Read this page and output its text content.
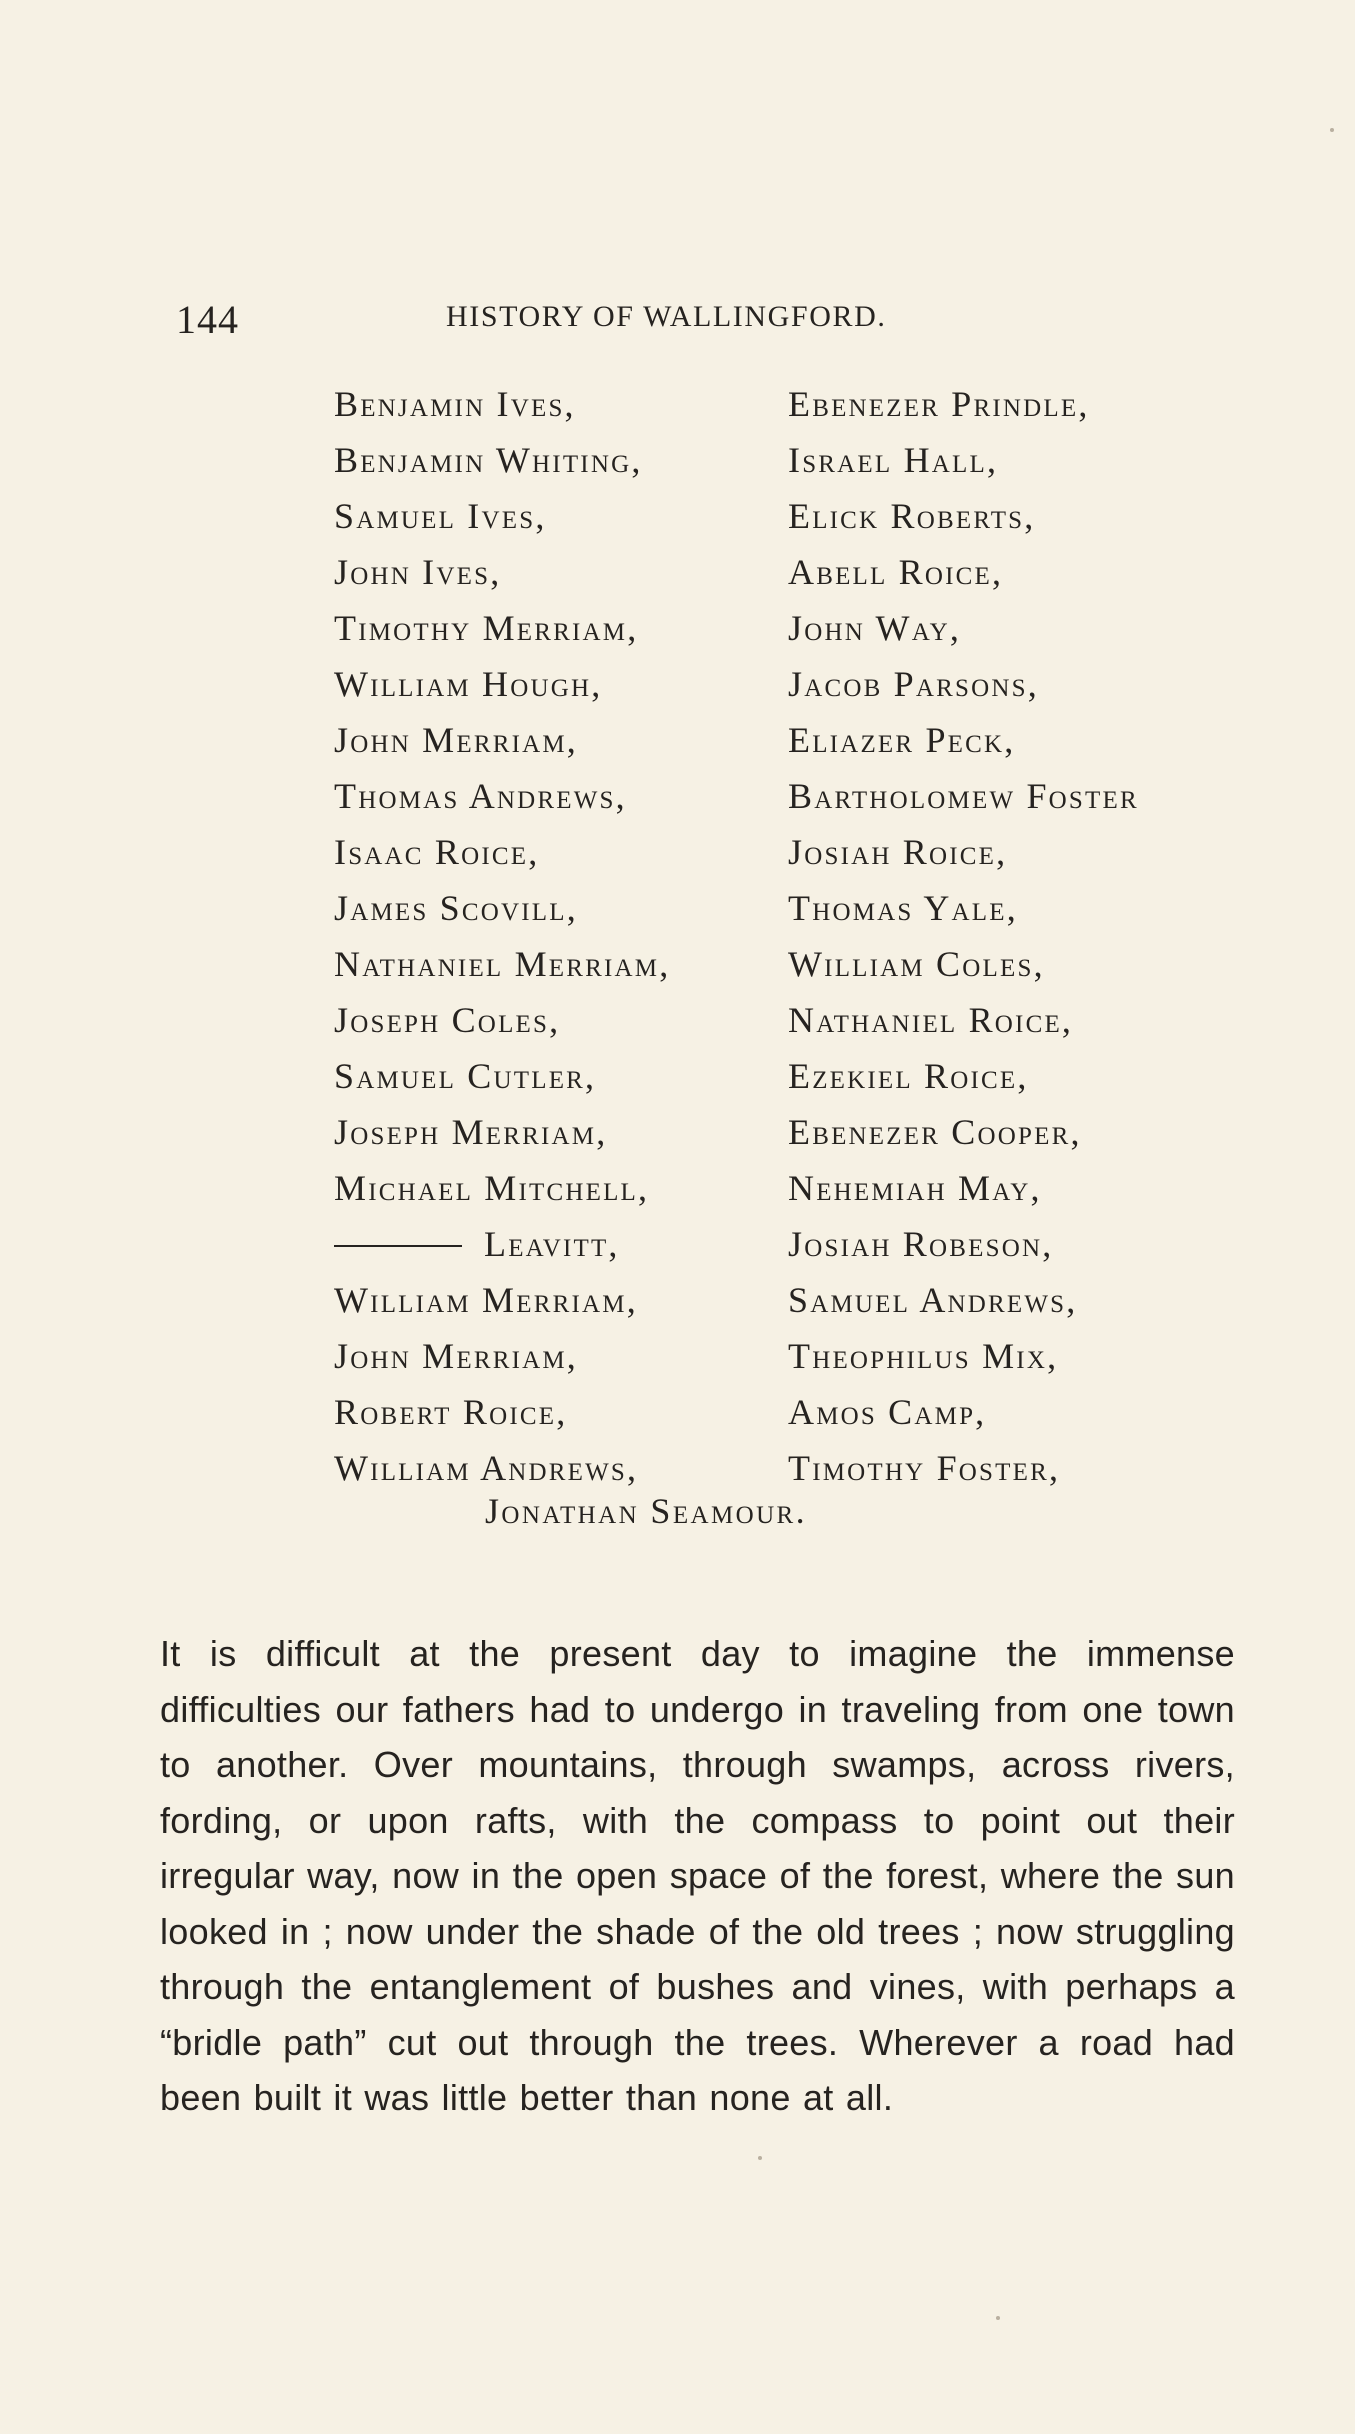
144	HISTORY OF WALLINGFORD.
Benjamin Ives,
Benjamin Whiting,
Samuel Ives,
John Ives,
Timothy Merriam,
William Hough,
John Merriam,
Thomas Andrews,
Isaac Roice,
James Scovill,
Nathaniel Merriam,
Joseph Coles,
Samuel Cutler,
Joseph Merriam,
Michael Mitchell,
Leavitt,
William Merriam,
John Merriam,
Robert Roice,
William Andrews,
Ebenezer Prindle,
Israel Hall,
Elick Roberts,
Abell Roice,
John Way,
Jacob Parsons,
Eliazer Peck,
Bartholomew Foster
Josiah Roice,
Thomas Yale,
William Coles,
Nathaniel Roice,
Ezekiel Roice,
Ebenezer Cooper,
Nehemiah May,
Josiah Robeson,
Samuel Andrews,
Theophilus Mix,
Amos Camp,
Timothy Foster,
Jonathan Seamour.

It is difficult at the present day to imagine the immense difficulties our fathers had to undergo in traveling from one town to another. Over mountains, through swamps, across rivers, fording, or upon rafts, with the compass to point out their irregular way, now in the open space of the forest, where the sun looked in ; now under the shade of the old trees ; now struggling through the entanglement of bushes and vines, with perhaps a “bridle path” cut out through the trees. Wherever a road had been built it was little better than none at all.
